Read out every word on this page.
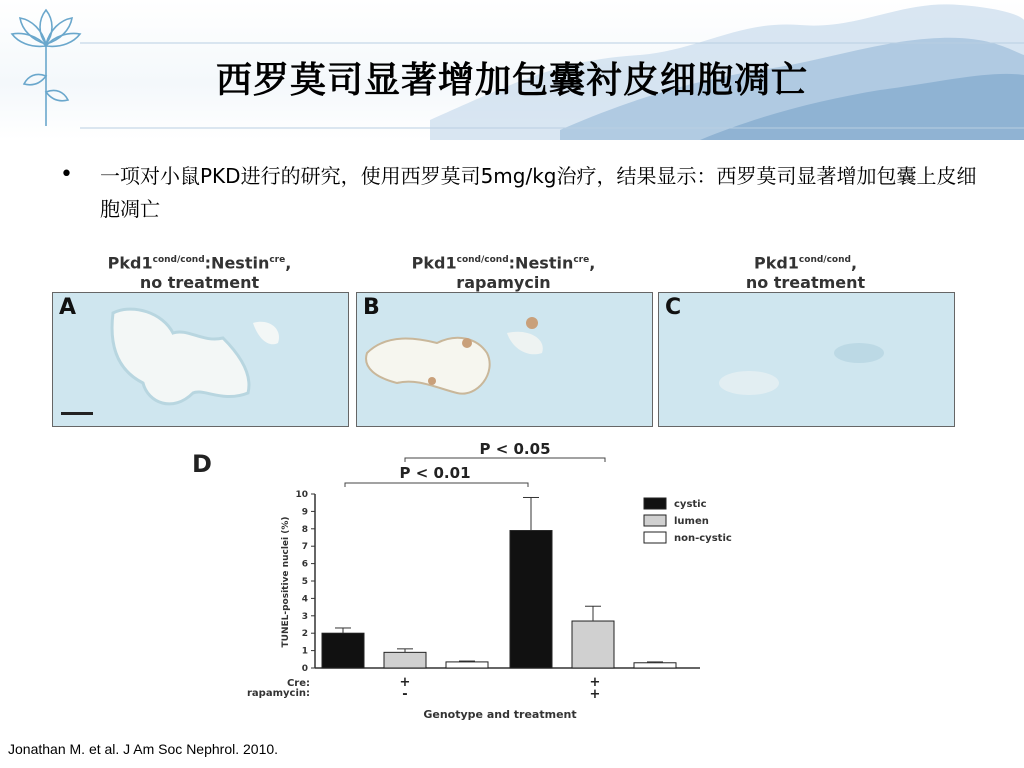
西罗莫司显著增加包囊衬皮细胞凋亡
• 一项对小鼠PKD进行的研究，使用西罗莫司5mg/kg治疗，结果显示：西罗莫司显著增加包囊上皮细胞凋亡
$Pkd1^{cond/cond}:Nestin^{cre}$,
no treatment
$Pkd1^{cond/cond}:Nestin^{cre}$,
rapamycin
$Pkd1^{cond/cond}$,
no treatment
A	B	C
D
TUNEL-positive nuclei (%)
Genotype and treatment
Cre:
rapamycin:
+
-
+
+
P < 0.05
P < 0.01
cystic
lumen
non-cystic
0
1
2
3
4
5
6
7
8
9
10
Jonathan M. et al. J Am Soc Nephrol. 2010.
